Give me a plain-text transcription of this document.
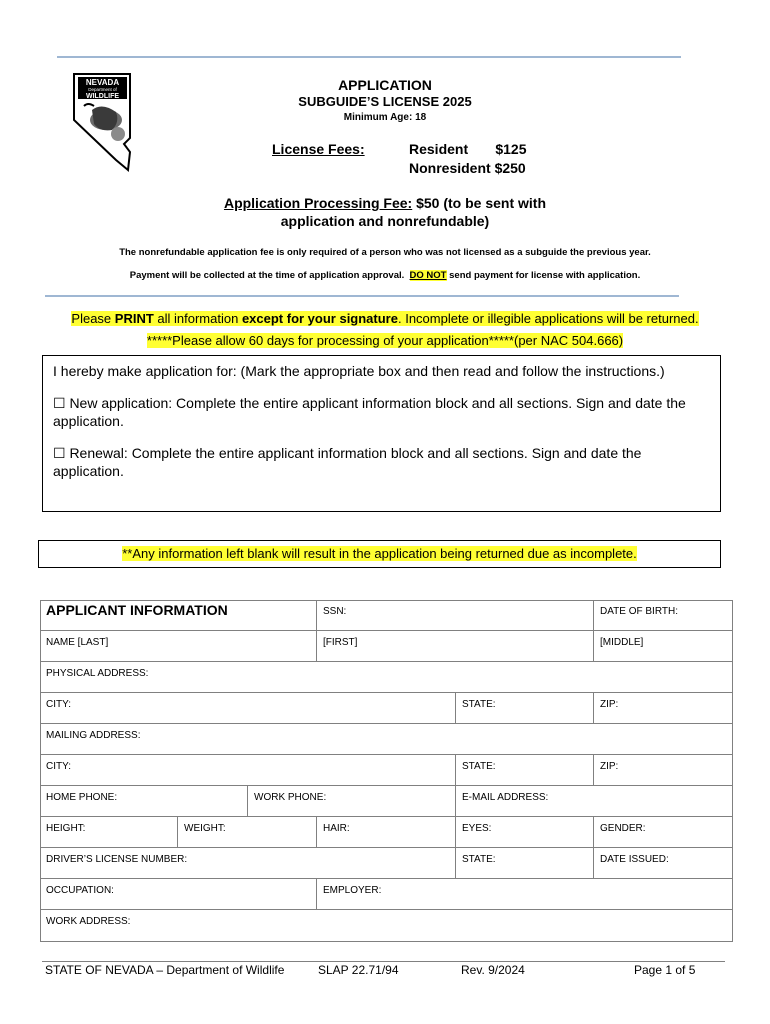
NEVADA
Department of
WILDLIFE
APPLICATION
SUBGUIDE’S LICENSE 2025
Minimum Age: 18
License Fees:	Resident       $125
Nonresident $250
Application Processing Fee: $50 (to be sent with
application and nonrefundable)
The nonrefundable application fee is only required of a person who was not licensed as a subguide the previous year.
Payment will be collected at the time of application approval.  DO NOT send payment for license with application.
Please PRINT all information except for your signature. Incomplete or illegible applications will be returned.
*****Please allow 60 days for processing of your application*****(per NAC 504.666)

I hereby make application for: (Mark the appropriate box and then read and follow the instructions.)

☐ New application: Complete the entire applicant information block and all sections. Sign and date the application.

☐ Renewal: Complete the entire applicant information block and all sections. Sign and date the application.

**Any information left blank will result in the application being returned due as incomplete.
APPLICANT INFORMATION	SSN:	DATE OF BIRTH:
NAME [LAST]	[FIRST]	[MIDDLE]
PHYSICAL ADDRESS:
CITY:	STATE:	ZIP:
MAILING ADDRESS:
CITY:	STATE:	ZIP:
HOME PHONE:	WORK PHONE:	E-MAIL ADDRESS:
HEIGHT:	WEIGHT:	HAIR:	EYES:	GENDER:
DRIVER’S LICENSE NUMBER:	STATE:	DATE ISSUED:
OCCUPATION:	EMPLOYER:
WORK ADDRESS:
STATE OF NEVADA – Department of Wildlife	SLAP 22.71/94	Rev. 9/2024	Page 1 of 5
